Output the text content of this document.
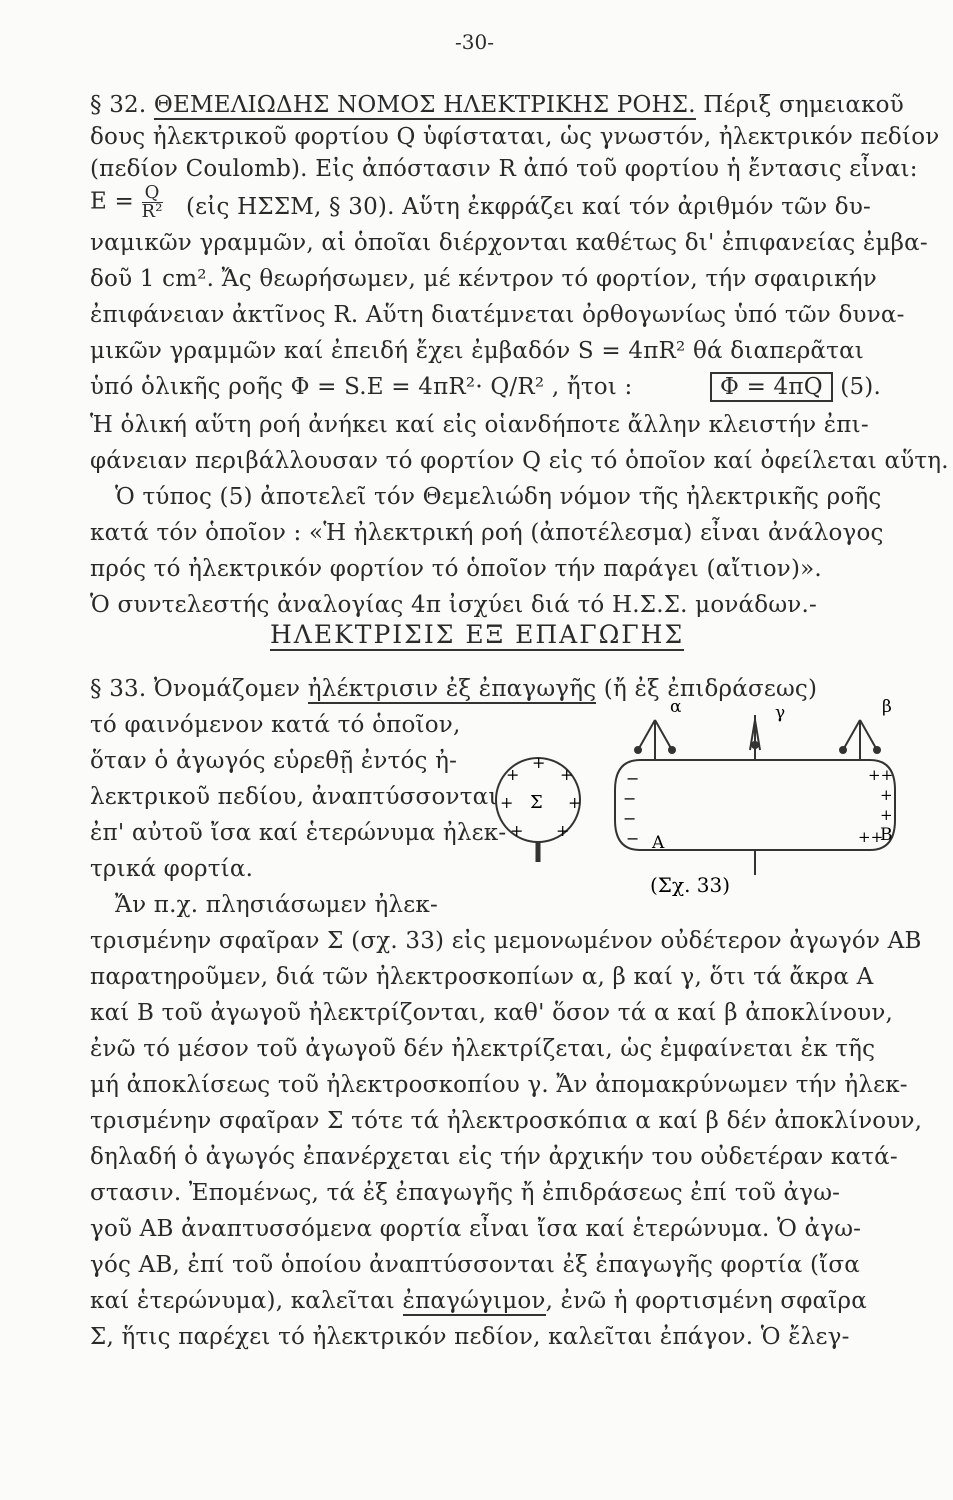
-30-
§ 32. ΘΕΜΕΛΙΩΔΗΣ ΝΟΜΟΣ ΗΛΕΚΤΡΙΚΗΣ ΡΟΗΣ. Πέριξ σημειακοῦ
δους ἠλεκτρικοῦ φορτίου Q ὑφίσταται, ὡς γνωστόν, ἠλεκτρικόν πεδίον
(πεδίον Coulomb). Εἰς ἀπόστασιν R ἀπό τοῦ φορτίου ἡ ἔντασις εἶναι:
$E = \frac{Q}{\text{R²}}$ (εἰς ΗΣΣΜ, § 30). Αὕτη ἐκφράζει καί τόν ἀριθμόν τῶν δυ-
ναμικῶν γραμμῶν, αἱ ὁποῖαι διέρχονται καθέτως δι' ἐπιφανείας ἐμβα-
δοῦ 1 cm². Ἄς θεωρήσωμεν, μέ κέντρον τό φορτίον, τήν σφαιρικήν
ἐπιφάνειαν ἀκτῖνος R. Αὕτη διατέμνεται ὀρθογωνίως ὑπό τῶν δυνα-
μικῶν γραμμῶν καί ἐπειδή ἔχει ἐμβαδόν S = 4πR² θά διαπερᾶται
ὑπό ὁλικῆς ροῆς Φ = S.E = 4πR²· Q/R² , ἤτοι :	Φ = 4πQ (5).
Ἡ ὁλική αὕτη ροή ἀνήκει καί εἰς οἱανδήποτε ἄλλην κλειστήν ἐπι-
φάνειαν περιβάλλουσαν τό φορτίον Q εἰς τό ὁποῖον καί ὀφείλεται αὕτη.
Ὁ τύπος (5) ἀποτελεῖ τόν Θεμελιώδη νόμον τῆς ἠλεκτρικῆς ροῆς
κατά τόν ὁποῖον : «Ἡ ἠλεκτρική ροή (ἀποτέλεσμα) εἶναι ἀνάλογος
πρός τό ἠλεκτρικόν φορτίον τό ὁποῖον τήν παράγει (αἴτιον)».
Ὁ συντελεστής ἀναλογίας 4π ἰσχύει διά τό Η.Σ.Σ. μονάδων.-
ΗΛΕΚΤΡΙΣΙΣ ΕΞ ΕΠΑΓΩΓΗΣ
§ 33. Ὀνομάζομεν ἠλέκτρισιν ἐξ ἐπαγωγῆς (ἤ ἐξ ἐπιδράσεως)
τό φαινόμενον κατά τό ὁποῖον,
ὅταν ὁ ἀγωγός εὑρεθῇ ἐντός ἠ-
λεκτρικοῦ πεδίου, ἀναπτύσσονται
ἐπ' αὐτοῦ ἴσα καί ἑτερώνυμα ἠλεκ-
τρικά φορτία.
Ἄν π.χ. πλησιάσωμεν ἠλεκ-
+
+
+
+	+
+ +
Σ
−
−
−
−
++
+
+
++
α	γ	β
A	B
(Σχ. 33)
τρισμένην σφαῖραν Σ (σχ. 33) εἰς μεμονωμένον οὐδέτερον ἀγωγόν AB
παρατηροῦμεν, διά τῶν ἠλεκτροσκοπίων α, β καί γ, ὅτι τά ἄκρα Α
καί Β τοῦ ἀγωγοῦ ἠλεκτρίζονται, καθ' ὅσον τά α καί β ἀποκλίνουν,
ἐνῶ τό μέσον τοῦ ἀγωγοῦ δέν ἠλεκτρίζεται, ὡς ἐμφαίνεται ἐκ τῆς
μή ἀποκλίσεως τοῦ ἠλεκτροσκοπίου γ. Ἄν ἀπομακρύνωμεν τήν ἠλεκ-
τρισμένην σφαῖραν Σ τότε τά ἠλεκτροσκόπια α καί β δέν ἀποκλίνουν,
δηλαδή ὁ ἀγωγός ἐπανέρχεται εἰς τήν ἀρχικήν του οὐδετέραν κατά-
στασιν. Ἐπομένως, τά ἐξ ἐπαγωγῆς ἤ ἐπιδράσεως ἐπί τοῦ ἀγω-
γοῦ AB ἀναπτυσσόμενα φορτία εἶναι ἴσα καί ἑτερώνυμα. Ὁ ἀγω-
γός AB, ἐπί τοῦ ὁποίου ἀναπτύσσονται ἐξ ἐπαγωγῆς φορτία (ἴσα
καί ἑτερώνυμα), καλεῖται ἐπαγώγιμον, ἐνῶ ἡ φορτισμένη σφαῖρα
Σ, ἥτις παρέχει τό ἠλεκτρικόν πεδίον, καλεῖται ἐπάγον. Ὁ ἔλεγ-
